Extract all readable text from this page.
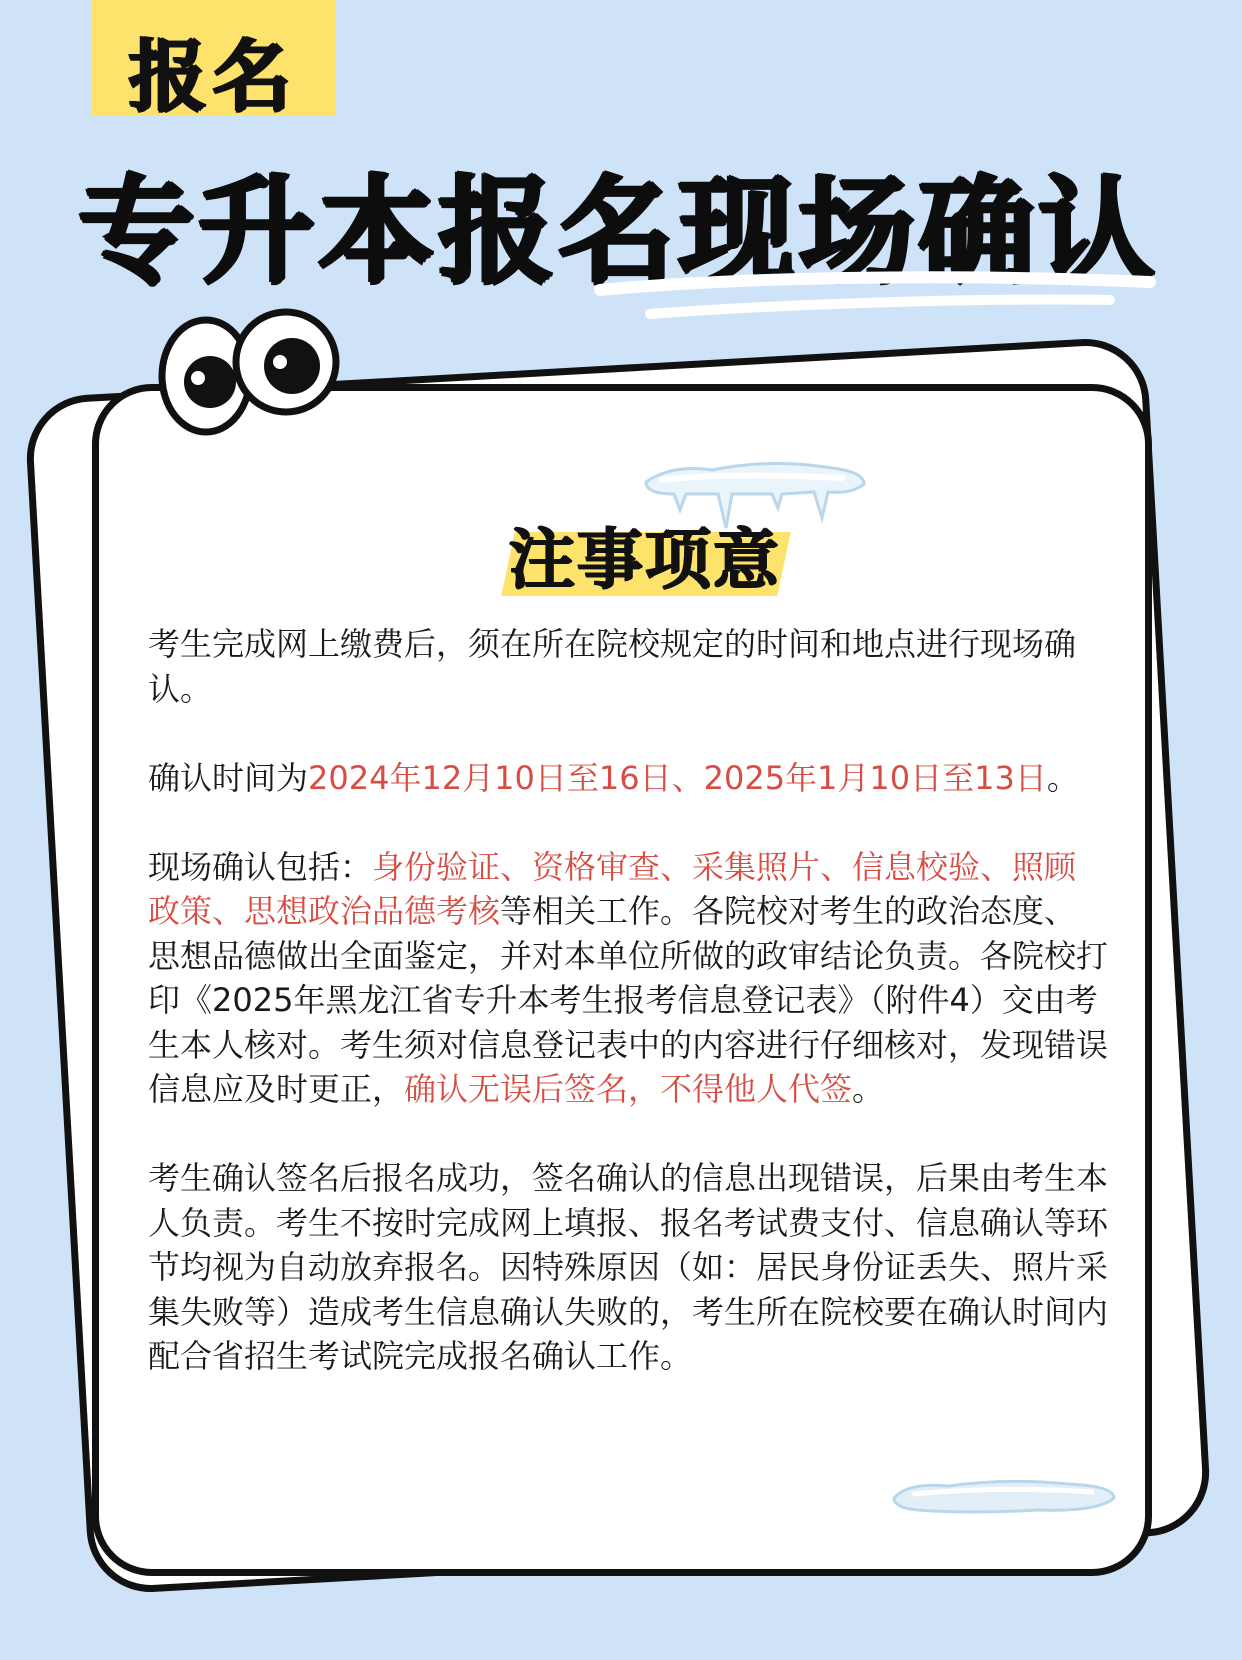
报名
专升本报名现场确认
注事项意

考生完成网上缴费后，须在所在院校规定的时间和地点进行现场确认。

确认时间为2024年12月10日至16日、2025年1月10日至13日。

现场确认包括：身份验证、资格审查、采集照片、信息校验、照顾政策、思想政治品德考核等相关工作。各院校对考生的政治态度、思想品德做出全面鉴定，并对本单位所做的政审结论负责。各院校打印《2025年黑龙江省专升本考生报考信息登记表》（附件4）交由考生本人核对。考生须对信息登记表中的内容进行仔细核对，发现错误信息应及时更正，确认无误后签名，不得他人代签。

考生确认签名后报名成功，签名确认的信息出现错误，后果由考生本人负责。考生不按时完成网上填报、报名考试费支付、信息确认等环节均视为自动放弃报名。因特殊原因（如：居民身份证丢失、照片采集失败等）造成考生信息确认失败的，考生所在院校要在确认时间内配合省招生考试院完成报名确认工作。
